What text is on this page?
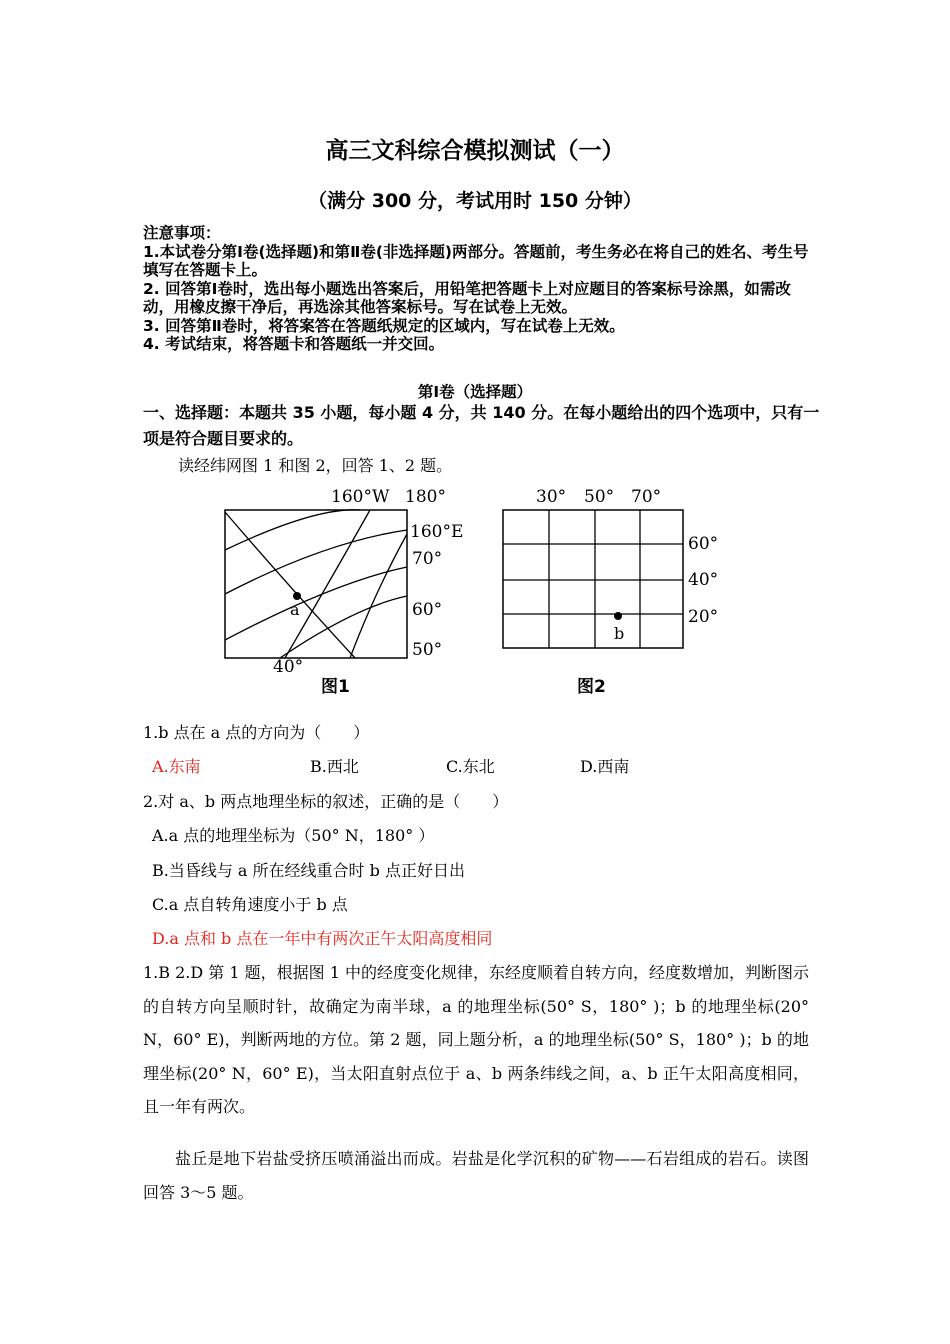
高三文科综合模拟测试（一）
（满分 300 分，考试用时 150 分钟）
注意事项：
1.本试卷分第Ⅰ卷(选择题)和第Ⅱ卷(非选择题)两部分。答题前，考生务必在将自己的姓名、考生号填写在答题卡上。
2. 回答第Ⅰ卷时，选出每小题选出答案后，用铅笔把答题卡上对应题目的答案标号涂黑，如需改动，用橡皮擦干净后，再选涂其他答案标号。写在试卷上无效。
3. 回答第Ⅱ卷时，将答案答在答题纸规定的区域内，写在试卷上无效。
4. 考试结束，将答题卡和答题纸一并交回。
第Ⅰ卷（选择题）
一、选择题：本题共 35 小题，每小题 4 分，共 140 分。在每小题给出的四个选项中，只有一项是符合题目要求的。
读经纬网图 1 和图 2，回答 1、2 题。
a
160°W 180°
160°E
70°
60°
50°
40°
图1
b
30° 50° 70°
60°
40°
20°
图2
1.b 点在 a 点的方向为（　　）
A.东南	B.西北	C.东北	D.西南
2.对 a、b 两点地理坐标的叙述，正确的是（　　）
A.a 点的地理坐标为（50° N，180° ）
B.当昏线与 a 所在经线重合时 b 点正好日出
C.a 点自转角速度小于 b 点
D.a 点和 b 点在一年中有两次正午太阳高度相同
1.B 2.D 第 1 题，根据图 1 中的经度变化规律，东经度顺着自转方向，经度数增加，判断图示的自转方向呈顺时针，故确定为南半球，a 的地理坐标(50° S，180° )；b 的地理坐标(20° N，60° E)，判断两地的方位。第 2 题，同上题分析，a 的地理坐标(50° S，180° )；b 的地理坐标(20° N，60° E)，当太阳直射点位于 a、b 两条纬线之间，a、b 正午太阳高度相同，且一年有两次。
盐丘是地下岩盐受挤压喷涌溢出而成。岩盐是化学沉积的矿物——石岩组成的岩石。读图回答 3～5 题。
